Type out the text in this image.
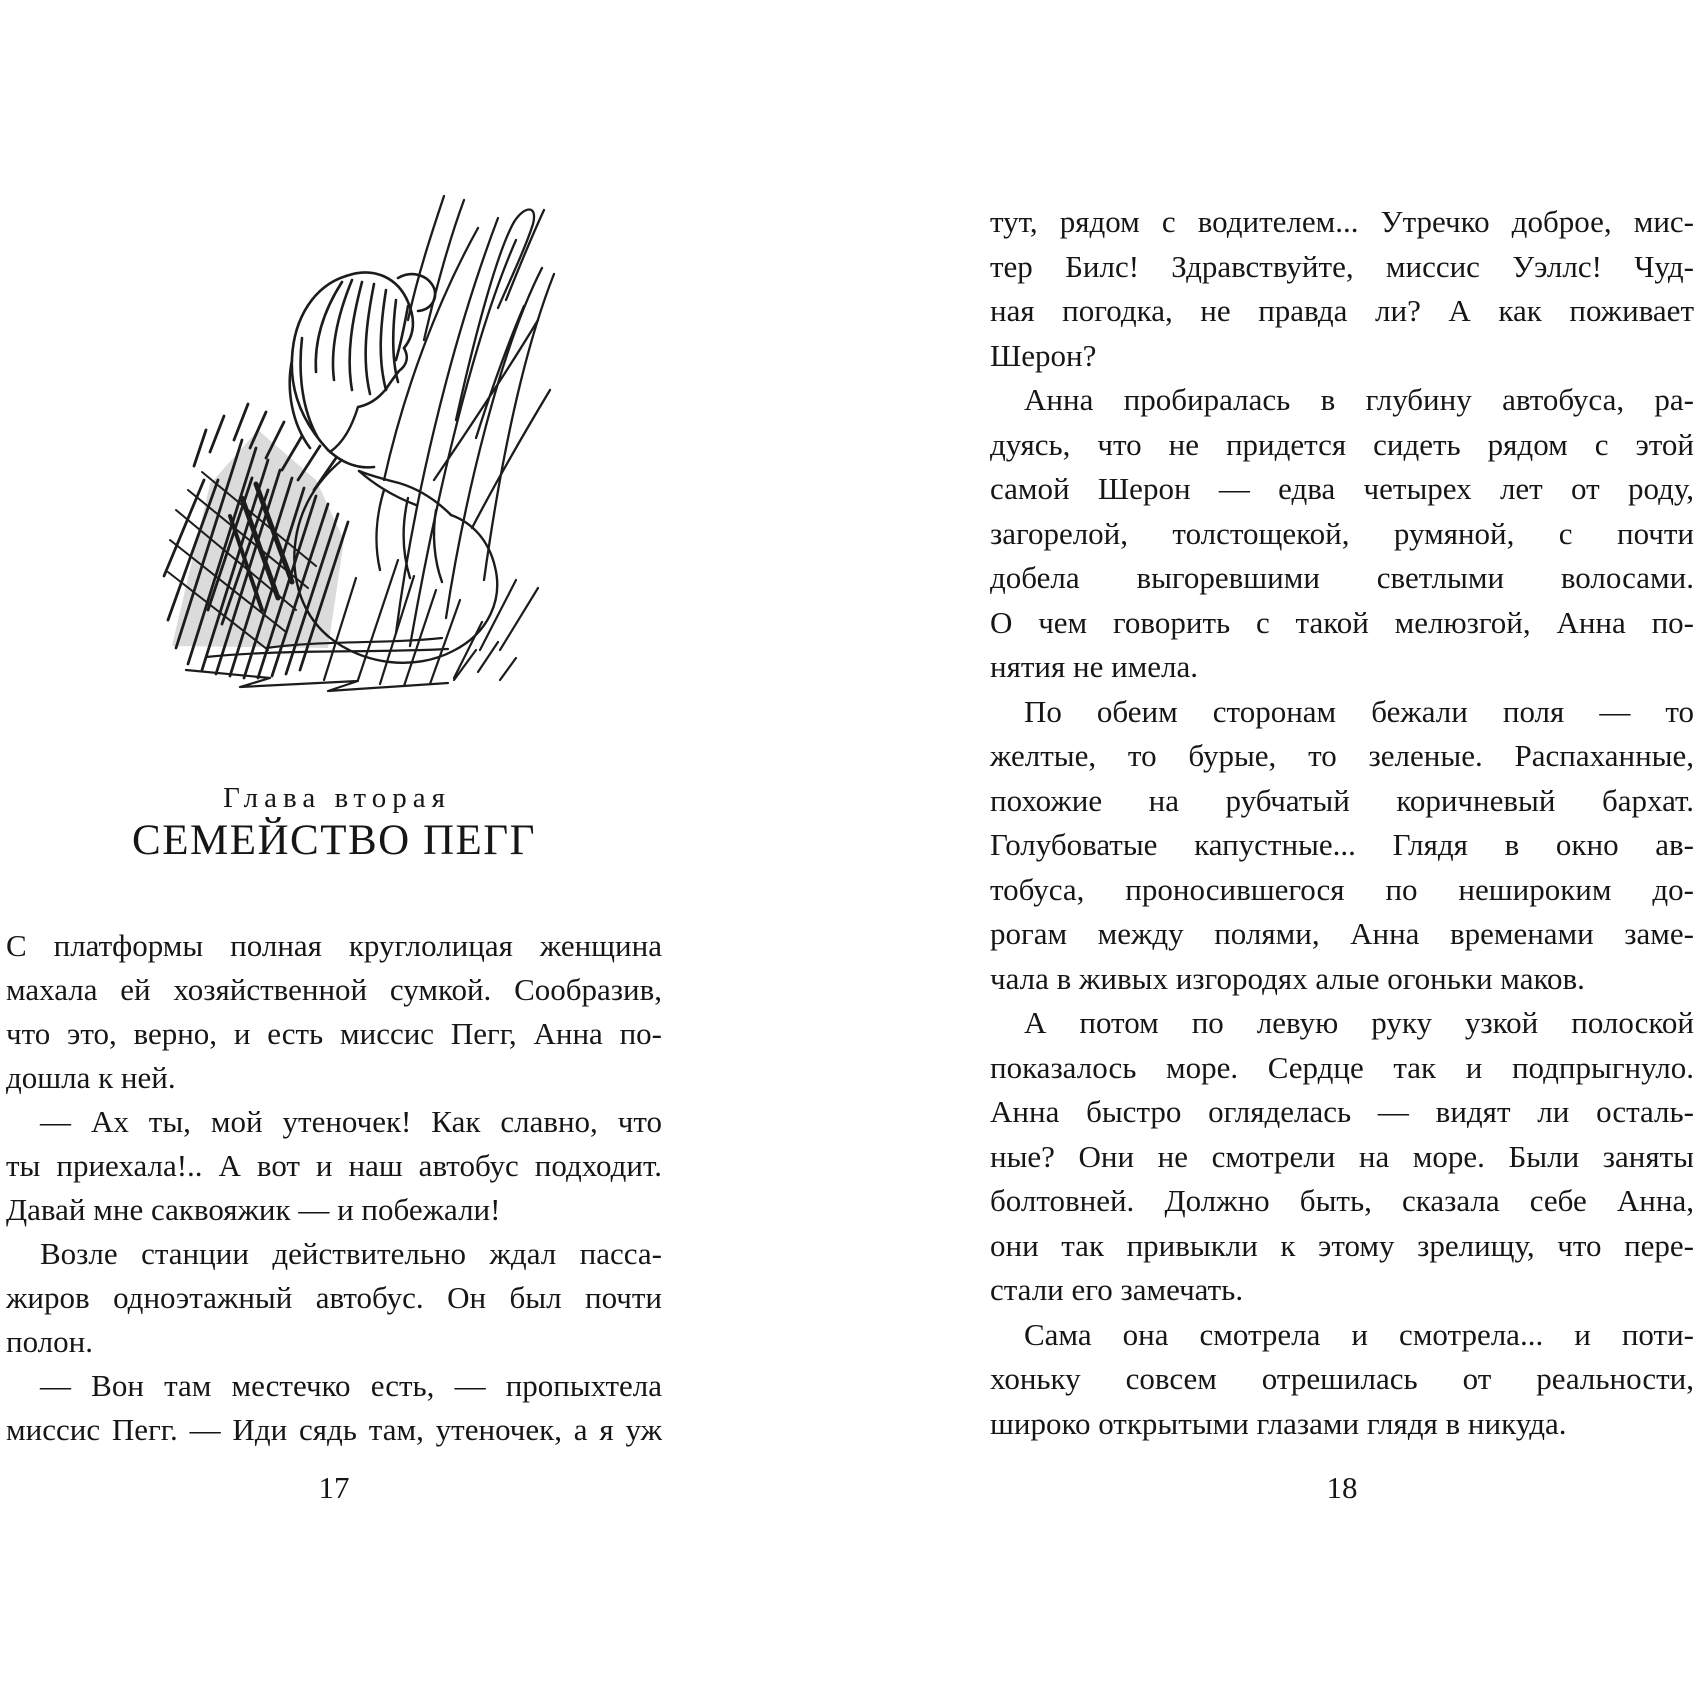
Глава вторая
СЕМЕЙСТВО ПЕГГ
С платформы полная круглолицая женщина
махала ей хозяйственной сумкой. Сообразив,
что это, верно, и есть миссис Пегг, Анна по-
дошла к ней.
— Ах ты, мой утеночек! Как славно, что
ты приехала!.. А вот и наш автобус подходит.
Давай мне саквояжик — и побежали!
Возле станции действительно ждал пасса-
жиров одноэтажный автобус. Он был почти
полон.
— Вон там местечко есть, — пропыхтела
миссис Пегг. — Иди сядь там, утеночек, а я уж
17
тут, рядом с водителем... Утречко доброе, мис-
тер Билс! Здравствуйте, миссис Уэллс! Чуд-
ная погодка, не правда ли? А как поживает
Шерон?
Анна пробиралась в глубину автобуса, ра-
дуясь, что не придется сидеть рядом с этой
самой Шерон — едва четырех лет от роду,
загорелой, толстощекой, румяной, с почти
добела выгоревшими светлыми волосами.
О чем говорить с такой мелюзгой, Анна по-
нятия не имела.
По обеим сторонам бежали поля — то
желтые, то бурые, то зеленые. Распаханные,
похожие на рубчатый коричневый бархат.
Голубоватые капустные... Глядя в окно ав-
тобуса, проносившегося по нешироким до-
рогам между полями, Анна временами заме-
чала в живых изгородях алые огоньки маков.
А потом по левую руку узкой полоской
показалось море. Сердце так и подпрыгнуло.
Анна быстро огляделась — видят ли осталь-
ные? Они не смотрели на море. Были заняты
болтовней. Должно быть, сказала себе Анна,
они так привыкли к этому зрелищу, что пере-
стали его замечать.
Сама она смотрела и смотрела... и поти-
хоньку совсем отрешилась от реальности,
широко открытыми глазами глядя в никуда.
18
